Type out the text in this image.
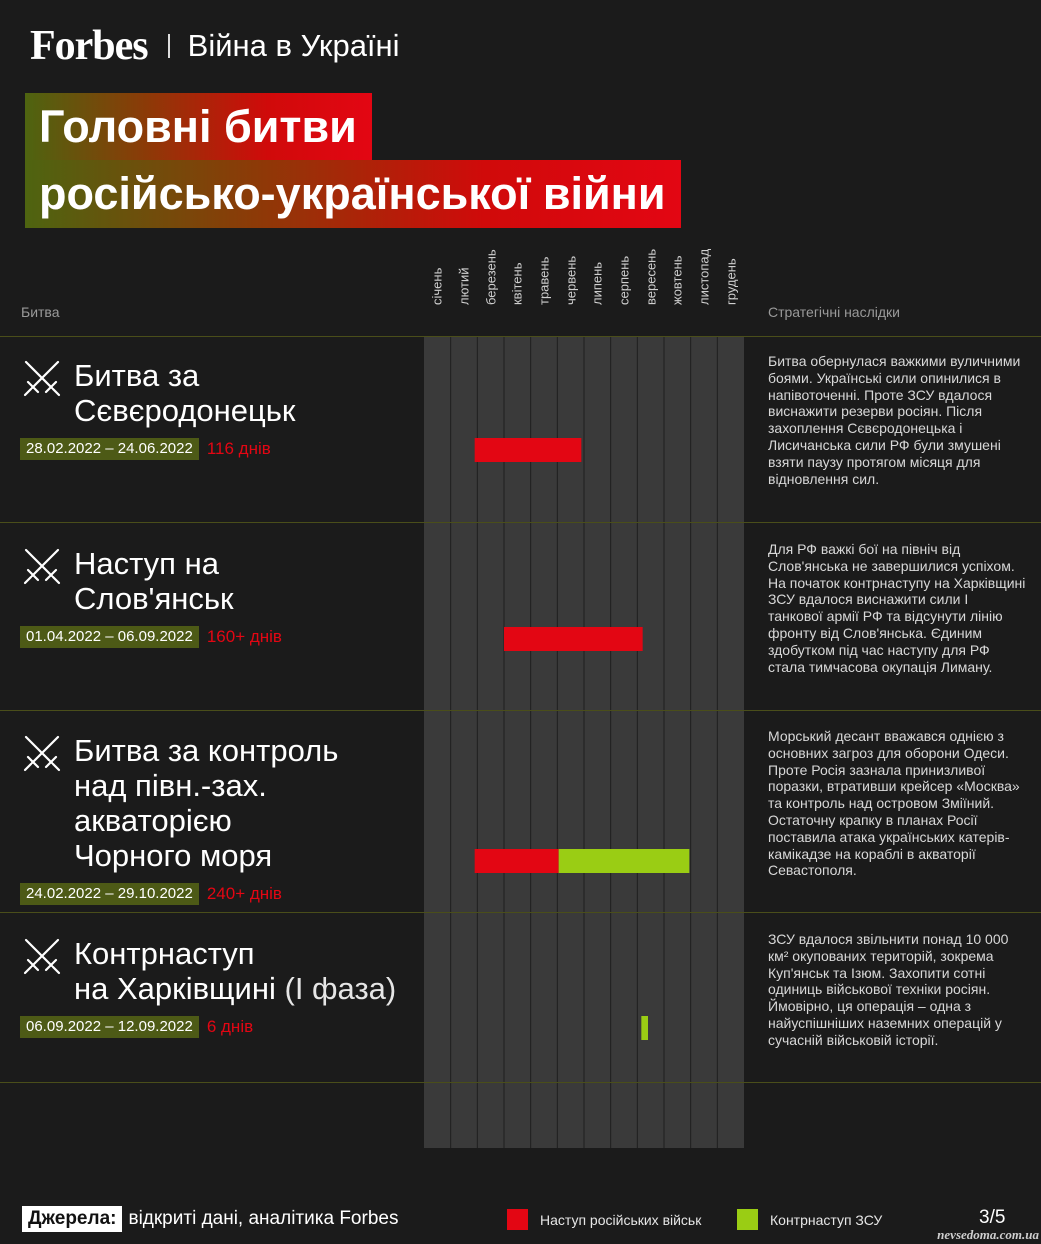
Forbes Війна в Україні
Головні битви
російсько-української війни
Битва	Стратегічні наслідки
січень лютий березень квітень травень червень липень серпень вересень жовтень листопад грудень
Битва за
Сєвєродонецьк
28.02.2022 – 24.06.2022 116 днів
Битва обернулася важкими вуличними боями. Українські сили опинилися в напівоточенні. Проте ЗСУ вдалося виснажити резерви росіян. Після захоплення Сєвєродонецька і Лисичанська сили РФ були змушені взяти паузу протягом місяця для відновлення сил.
Наступ на
Слов'янськ
01.04.2022 – 06.09.2022 160+ днів
Для РФ важкі бої на північ від Слов'янська не завершилися успіхом. На початок контрнаступу на Харківщині ЗСУ вдалося виснажити сили І танкової армії РФ та відсунути лінію фронту від Слов'янська. Єдиним здобутком під час наступу для РФ стала тимчасова окупація Лиману.
Битва за контроль
над півн.-зах. акваторією
Чорного моря
24.02.2022 – 29.10.2022 240+ днів
Морський десант вважався однією з основних загроз для оборони Одеси. Проте Росія зазнала принизливої поразки, втративши крейсер «Москва» та контроль над островом Зміїний. Остаточну крапку в планах Росії поставила атака українських катерів-камікадзе на кораблі в акваторії Севастополя.
Контрнаступ
на Харківщині (І фаза)
06.09.2022 – 12.09.2022 6 днів
ЗСУ вдалося звільнити понад 10 000 км² окупованих територій, зокрема Куп'янськ та Ізюм. Захопити сотні одиниць військової техніки росіян. Ймовірно, ця операція – одна з найуспішніших наземних операцій у сучасній військовій історії.
Джерела: відкриті дані, аналітика Forbes	Наступ російських військ	Контрнаступ ЗСУ	3/5
nevsedoma.com.ua
